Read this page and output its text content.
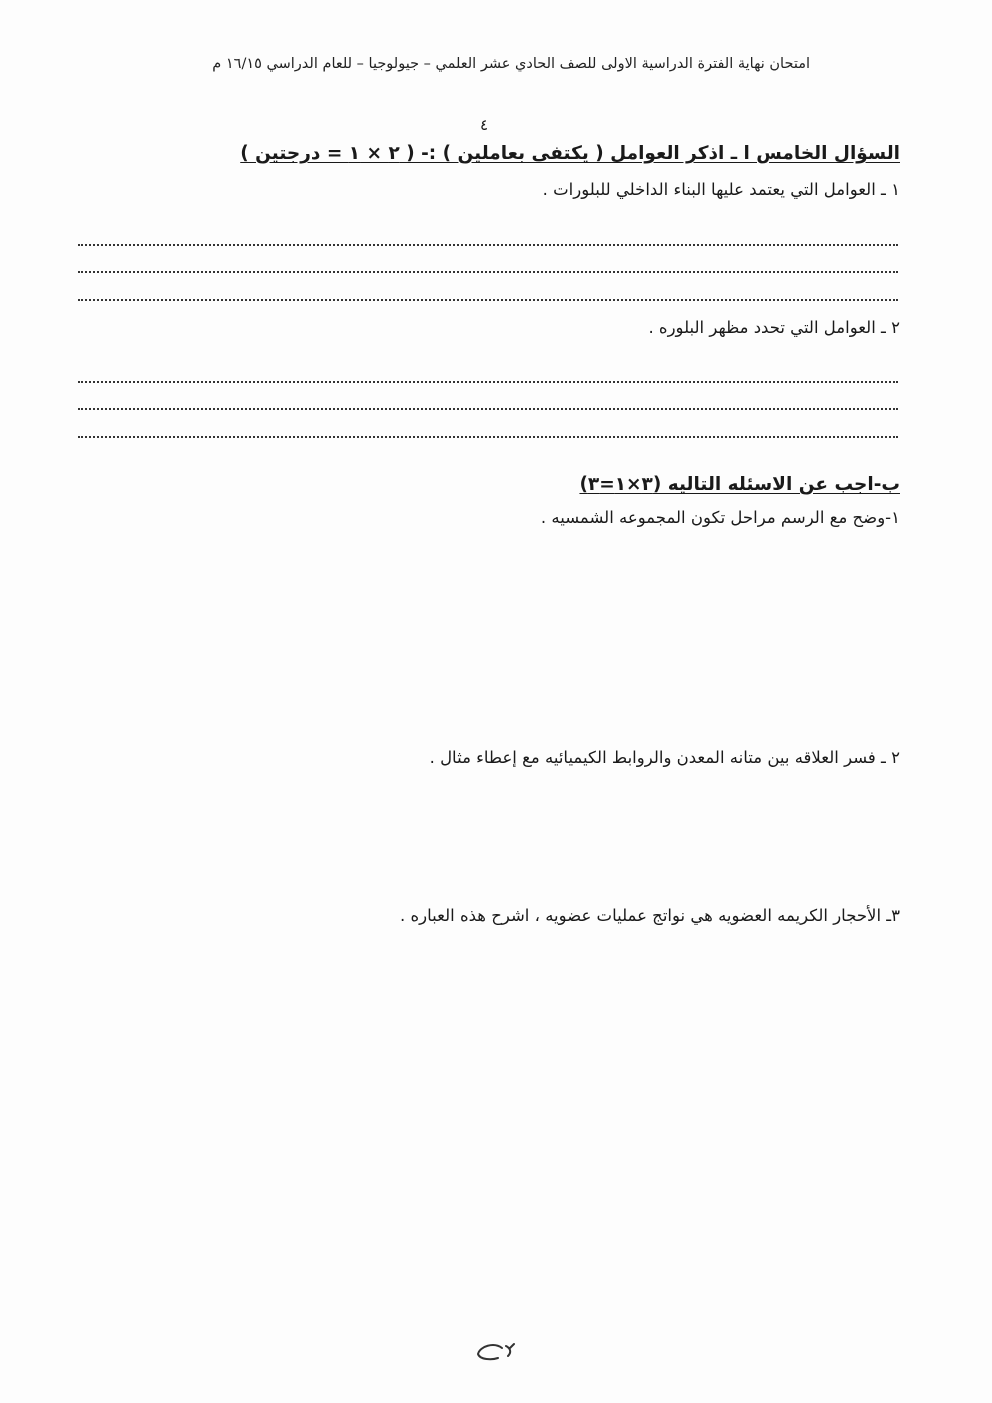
امتحان نهاية الفترة الدراسية الاولى للصف الحادي عشر العلمي – جيولوجيا – للعام الدراسي ١٦/١٥ م
٤
السؤال الخامس ا ـ اذكر العوامل ( يكتفى بعاملين ) :- ( ٢ × ١ = درجتين )
١ ـ العوامل التي يعتمد عليها البناء الداخلي للبلورات .
٢ ـ العوامل التي تحدد مظهر البلوره .
ب-اجب عن الاسئله التاليه (٣×١=٣)
١-وضح مع الرسم مراحل تكون المجموعه الشمسيه .
٢ ـ فسر العلاقه بين متانه المعدن والروابط الكيميائيه مع إعطاء مثال .
٣ـ الأحجار الكريمه العضويه هي نواتج عمليات عضويه ، اشرح هذه العباره .
